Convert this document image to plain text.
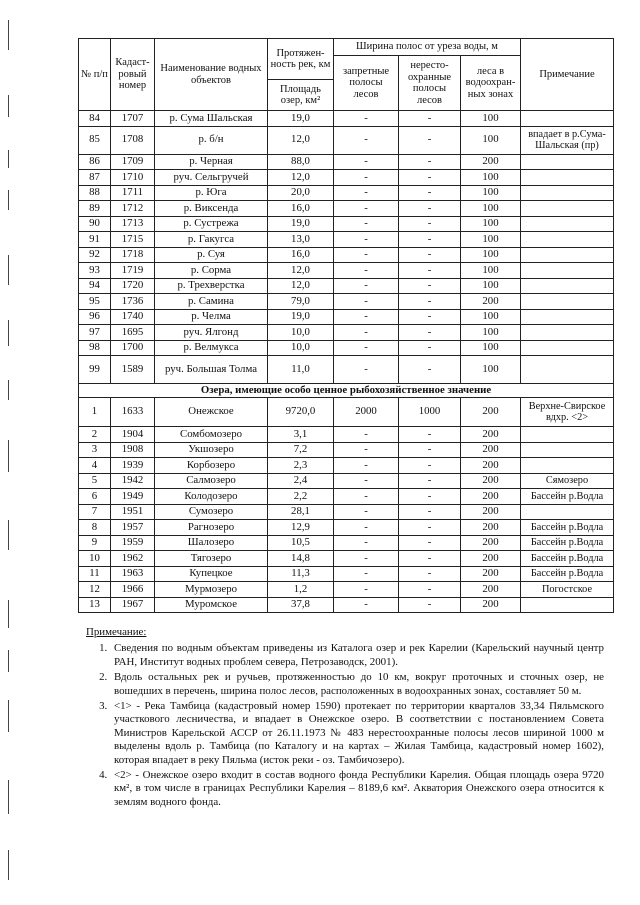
№ п/п	Кадаст-ровый номер	Наименование водных объектов	Протяжен-ность рек, км	Ширина полос от уреза воды, м			Примечание
				запретные полосы лесов	нересто-охранные полосы лесов	леса в водоохран-ных зонах	
			Площадь озер, км²				
84	1707	р. Сума Шальская	19,0	-	-	100	
85	1708	р. б/н	12,0	-	-	100	впадает в р.Сума-Шальская (пр)
86	1709	р. Черная	88,0	-	-	200	
87	1710	руч. Сельгручей	12,0	-	-	100	
88	1711	р. Юга	20,0	-	-	100	
89	1712	р. Виксенда	16,0	-	-	100	
90	1713	р. Сустрежа	19,0	-	-	100	
91	1715	р. Гакугса	13,0	-	-	100	
92	1718	р. Суя	16,0	-	-	100	
93	1719	р. Сорма	12,0	-	-	100	
94	1720	р. Трехверстка	12,0	-	-	100	
95	1736	р. Самина	79,0	-	-	200	
96	1740	р. Челма	19,0	-	-	100	
97	1695	руч. Ялгонд	10,0	-	-	100	
98	1700	р. Велмукса	10,0	-	-	100	
99	1589	руч. Большая Толма	11,0	-	-	100	
Озера, имеющие особо ценное рыбохозяйственное значение							
1	1633	Онежское	9720,0	2000	1000	200	Верхне-Свирское вдхр. <2>
2	1904	Сомбомозеро	3,1	-	-	200	
3	1908	Укшозеро	7,2	-	-	200	
4	1939	Корбозеро	2,3	-	-	200	
5	1942	Салмозеро	2,4	-	-	200	Сямозеро
6	1949	Колодозеро	2,2	-	-	200	Бассейн р.Водла
7	1951	Сумозеро	28,1	-	-	200	
8	1957	Рагнозеро	12,9	-	-	200	Бассейн р.Водла
9	1959	Шалозеро	10,5	-	-	200	Бассейн р.Водла
10	1962	Тягозеро	14,8	-	-	200	Бассейн р.Водла
11	1963	Купецкое	11,3	-	-	200	Бассейн р.Водла
12	1966	Мурмозеро	1,2	-	-	200	Погостское
13	1967	Муромское	37,8	-	-	200	
Примечание:
1. Сведения по водным объектам приведены из Каталога озер и рек Карелии (Карельский научный центр РАН, Институт водных проблем севера, Петрозаводск, 2001).
2. Вдоль остальных рек и ручьев, протяженностью до 10 км, вокруг проточных и сточных озер, не вошедших в перечень, ширина полос лесов, расположенных в водоохранных зонах, составляет 50 м.
3. <1> - Река Тамбица (кадастровый номер 1590) протекает по территории кварталов 33,34 Пяльмского участкового лесничества, и впадает в Онежское озеро. В соответствии с постановлением Совета Министров Карельской АССР от 26.11.1973 № 483 нерестоохранные полосы лесов шириной 1000 м выделены вдоль р. Тамбица (по Каталогу и на картах – Жилая Тамбица, кадастровый номер 1602), которая впадает в реку Пяльма (исток реки - оз. Тамбичозеро).
4. <2> - Онежское озеро входит в состав водного фонда Республики Карелия. Общая площадь озера 9720 км², в том числе в границах Республики Карелия – 8189,6 км². Акватория Онежского озера относится к землям водного фонда.
